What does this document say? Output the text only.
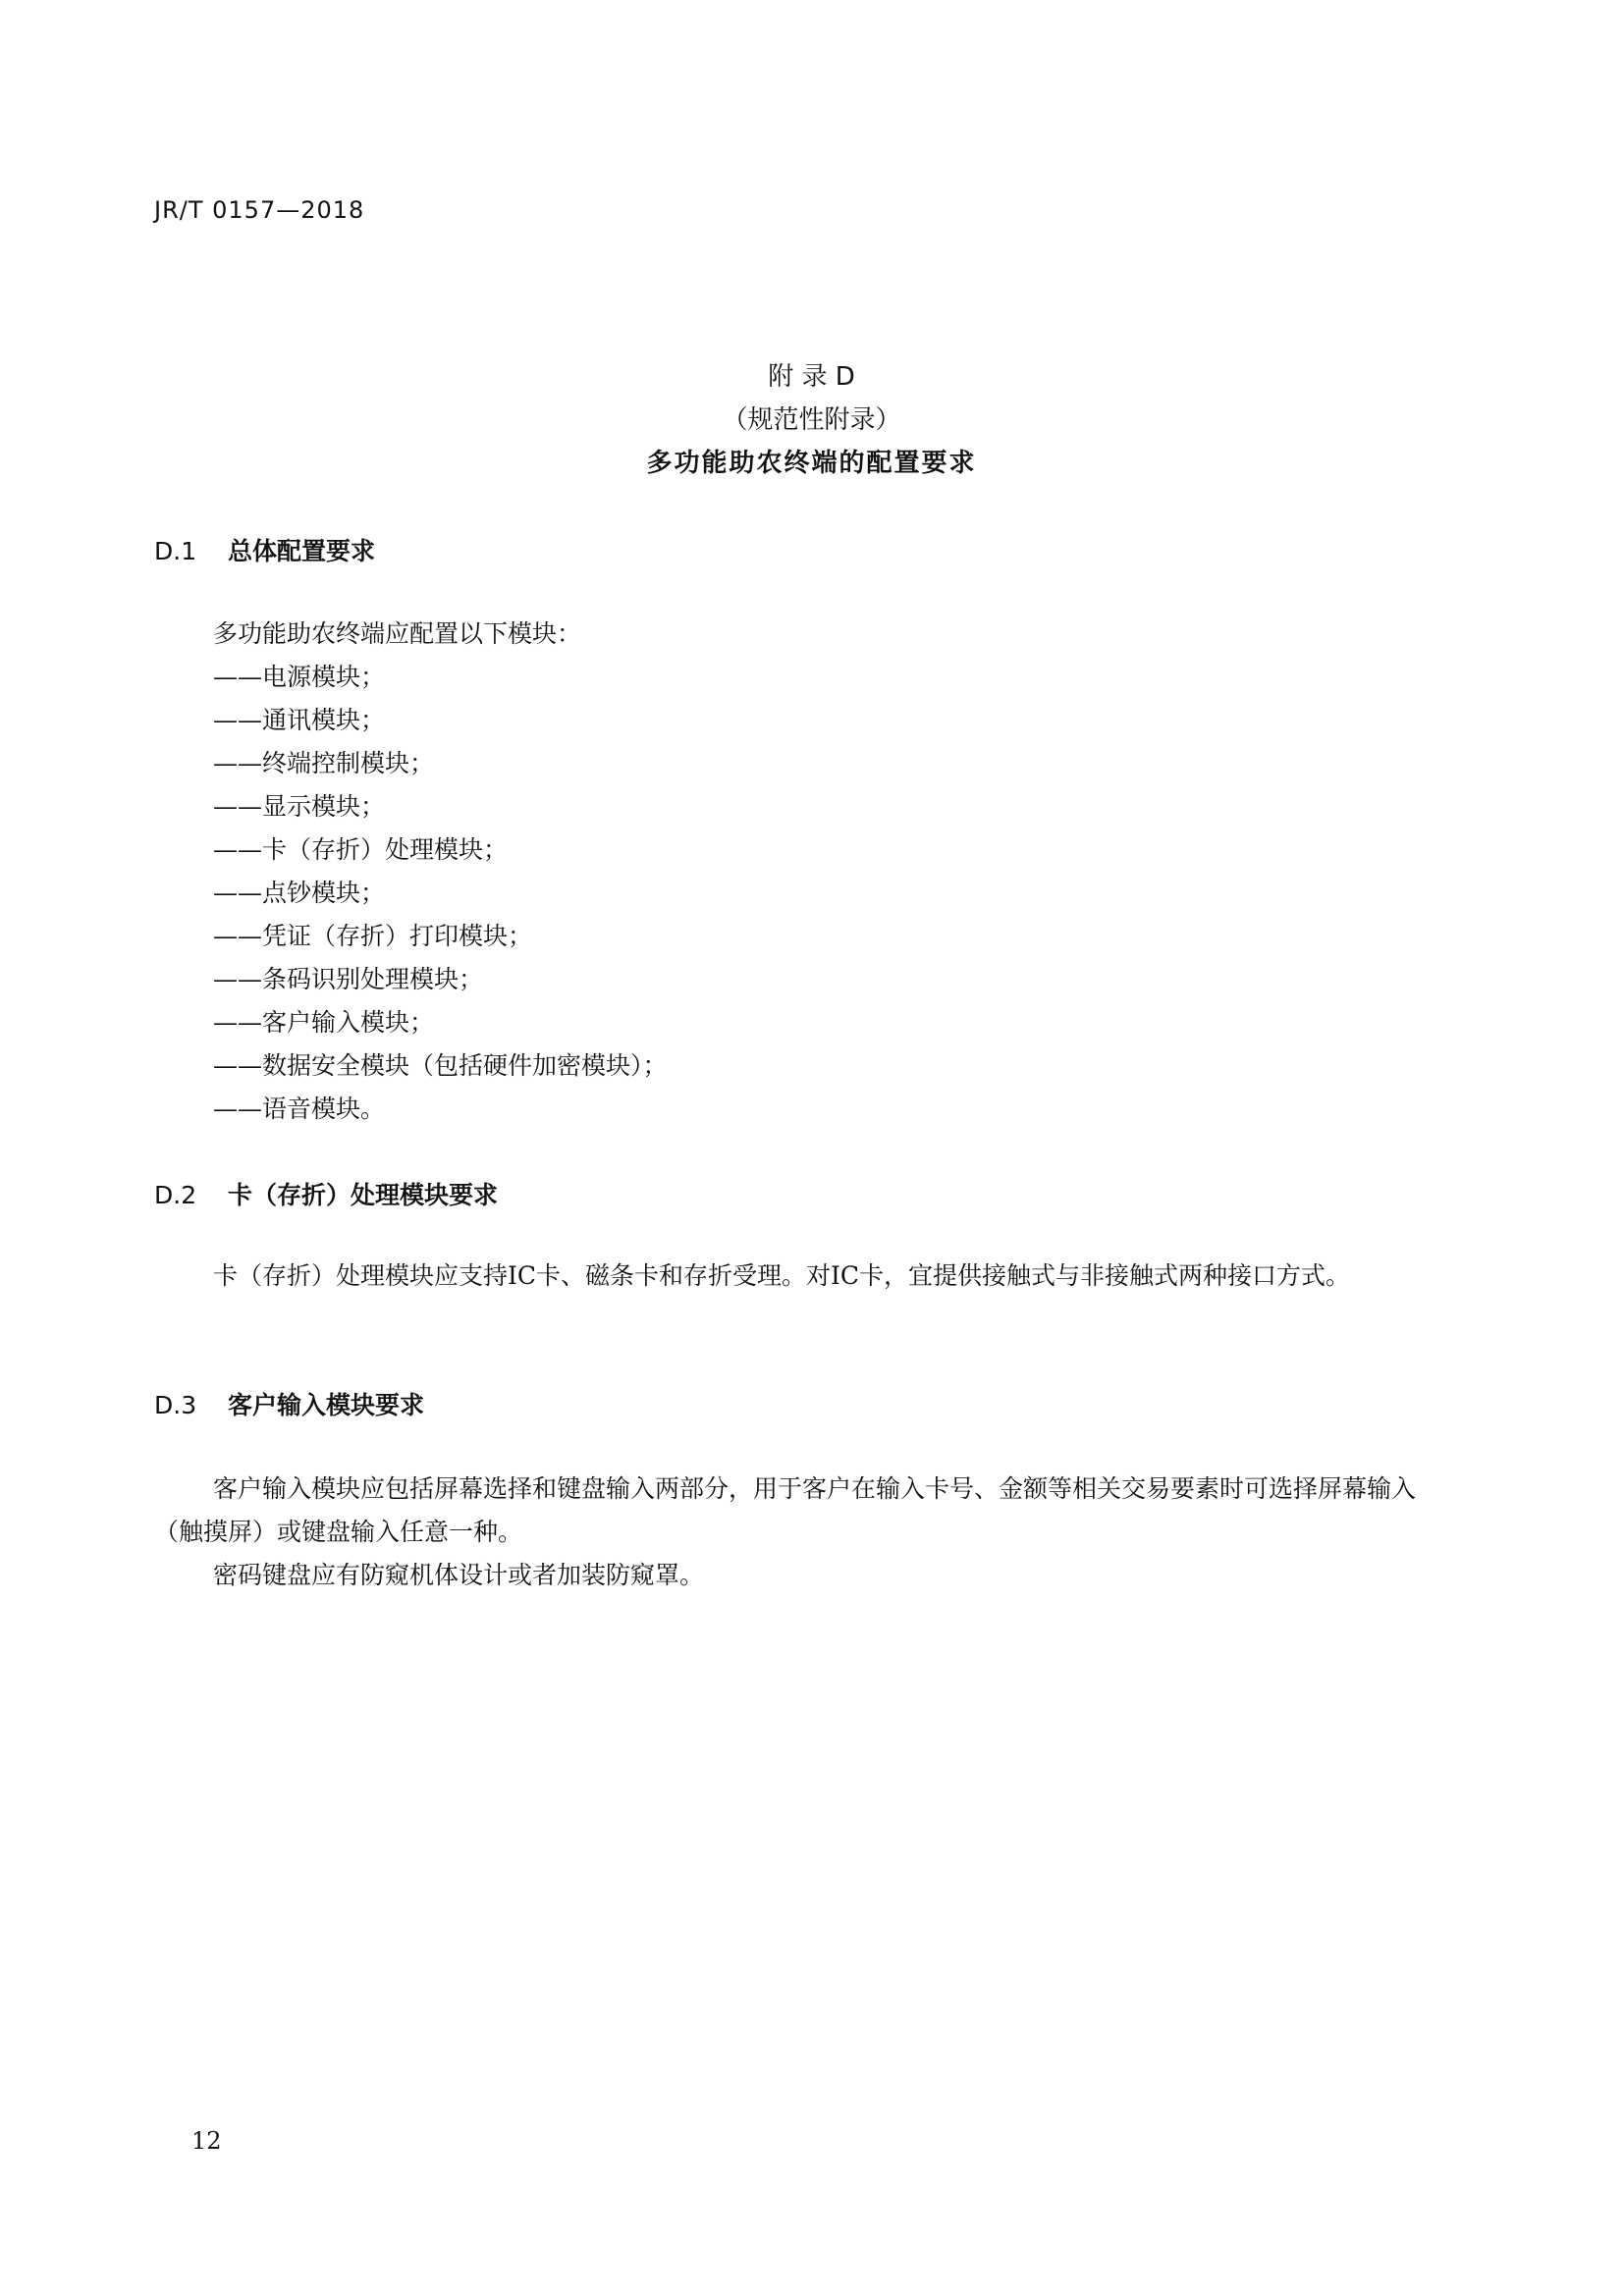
JR/T 0157—2018
附 录 D
（规范性附录）
多功能助农终端的配置要求
D.1 总体配置要求

多功能助农终端应配置以下模块：

——电源模块；

——通讯模块；

——终端控制模块；

——显示模块；

——卡（存折）处理模块；

——点钞模块；

——凭证（存折）打印模块；

——条码识别处理模块；

——客户输入模块；

——数据安全模块（包括硬件加密模块）；

——语音模块。

D.2 卡（存折）处理模块要求

卡（存折）处理模块应支持IC卡、磁条卡和存折受理。对IC卡，宜提供接触式与非接触式两种接口方式。

D.3 客户输入模块要求

客户输入模块应包括屏幕选择和键盘输入两部分，用于客户在输入卡号、金额等相关交易要素时可选择屏幕输入（触摸屏）或键盘输入任意一种。

密码键盘应有防窥机体设计或者加装防窥罩。

12
